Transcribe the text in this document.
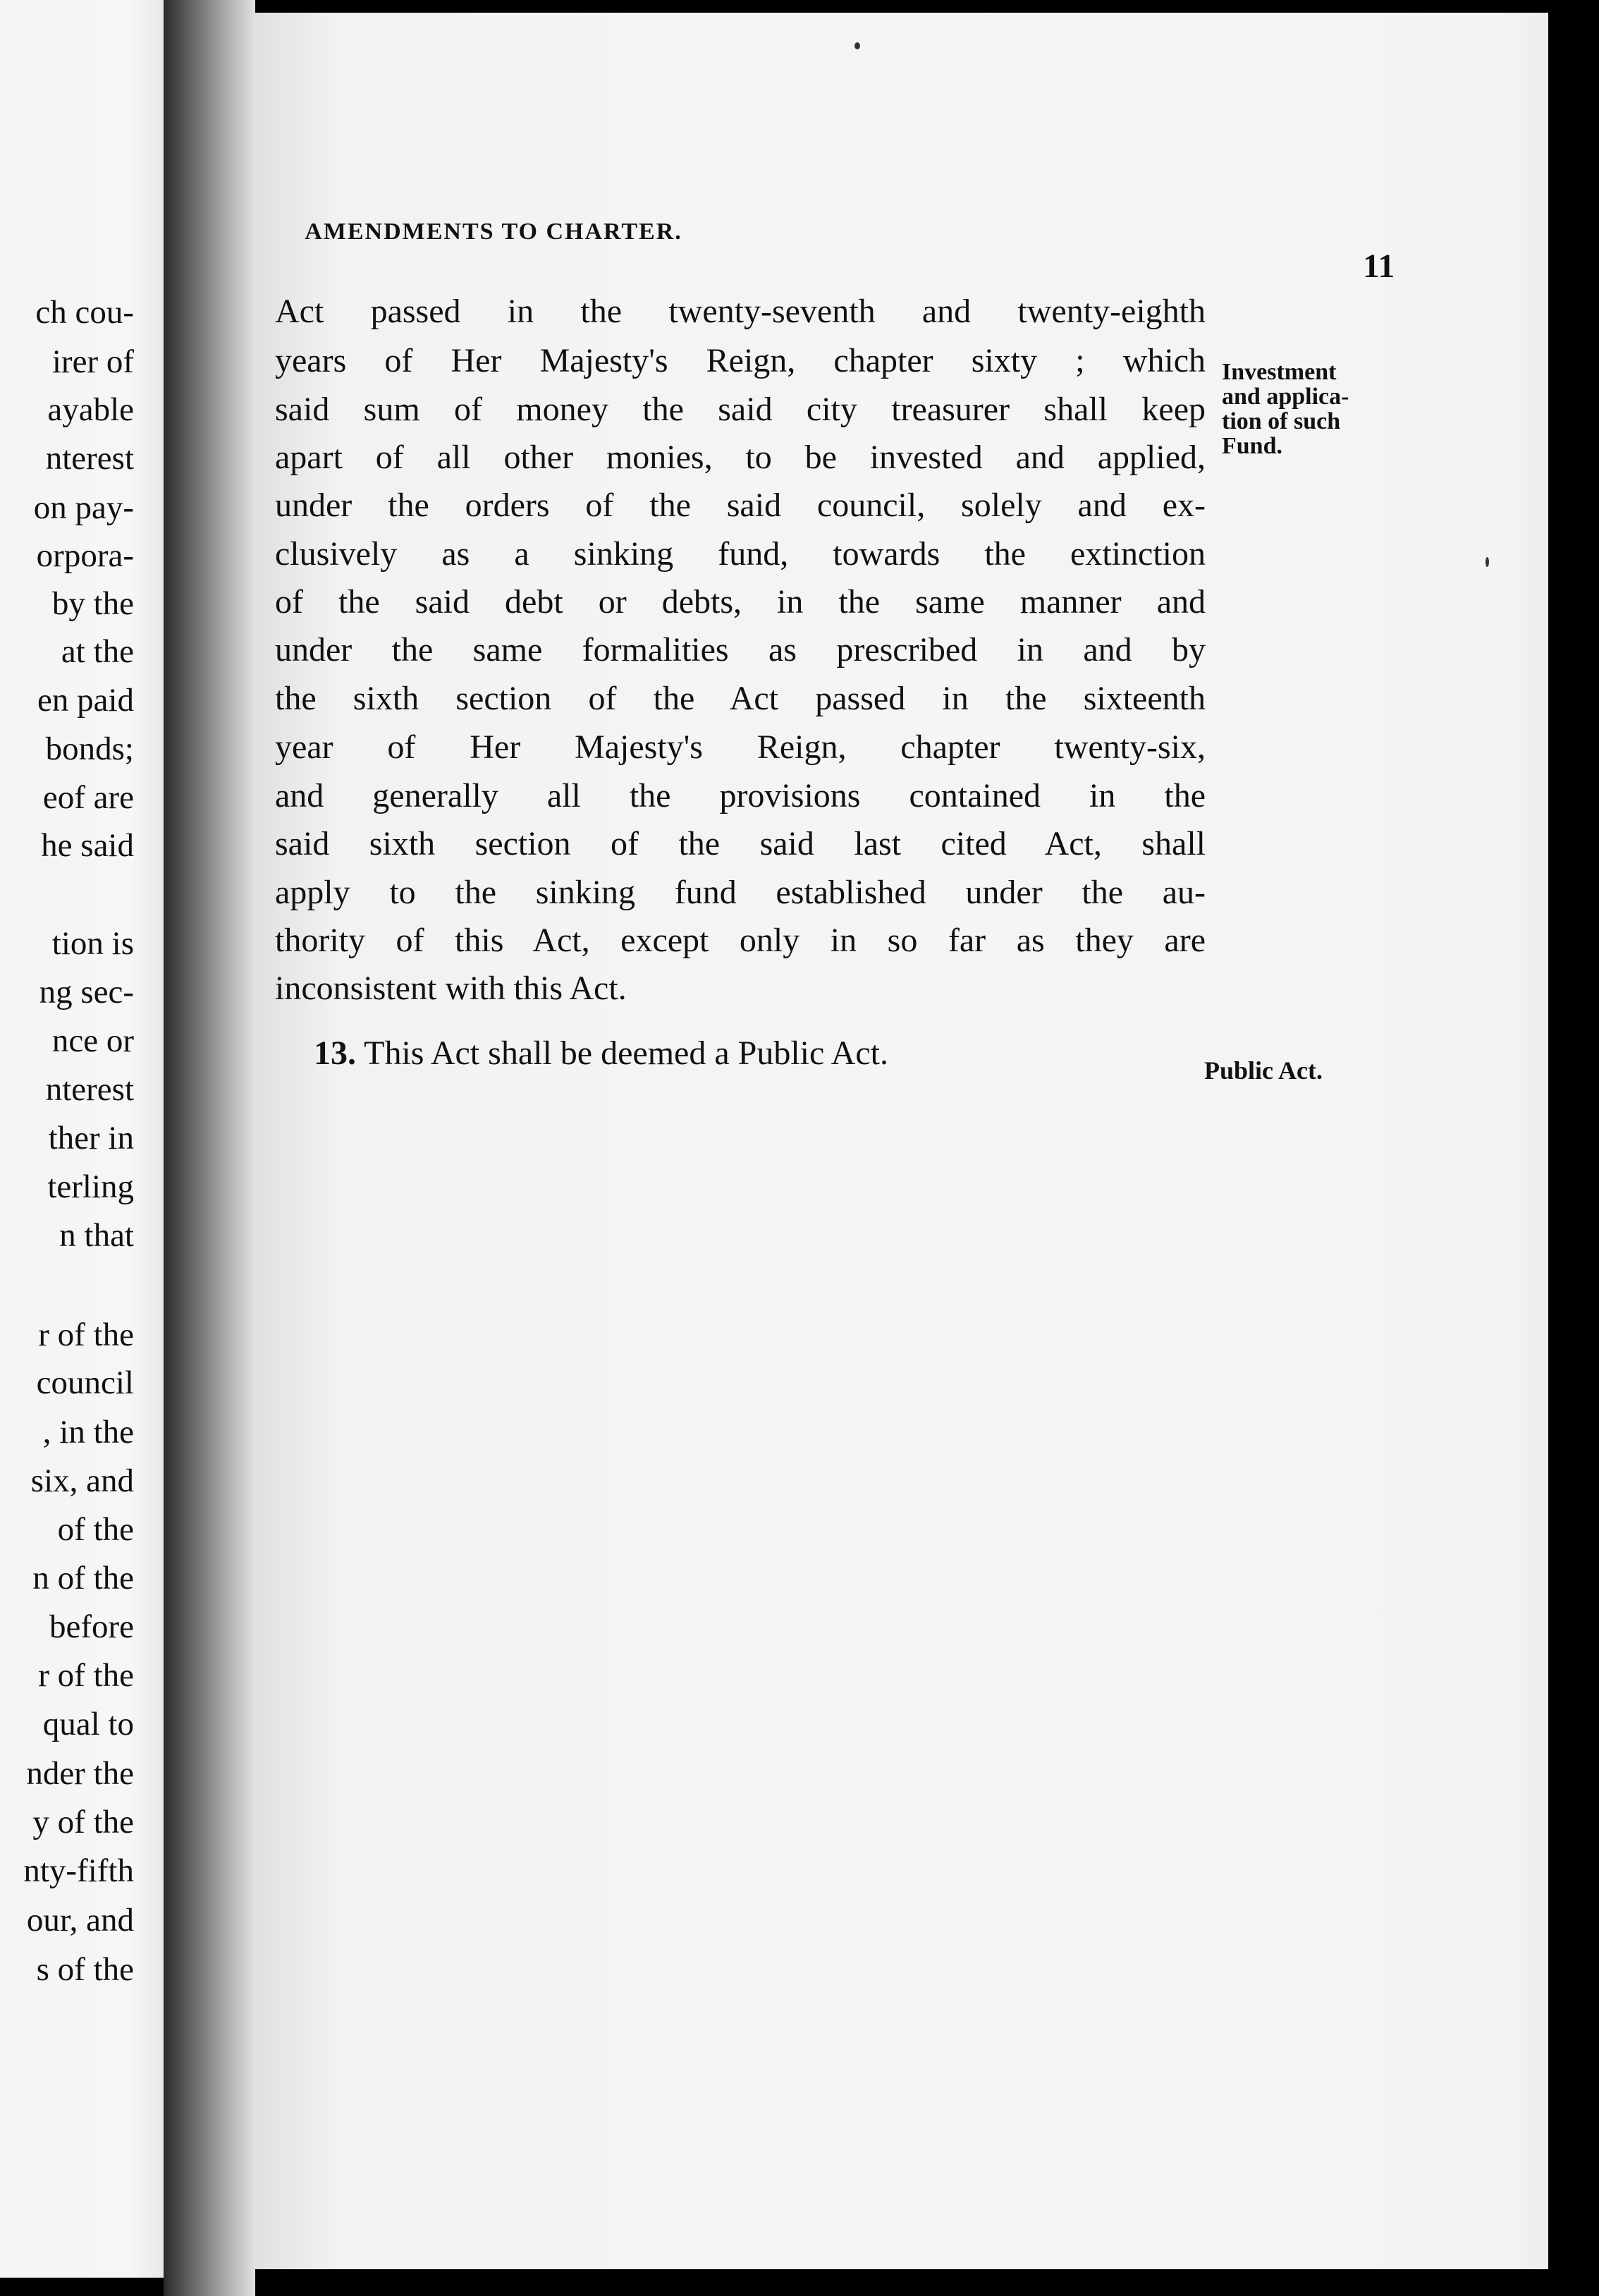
ch cou-
irer of
ayable
nterest
on pay-
orpora-
by the
at the
en paid
bonds;
eof are
he said
tion is
ng sec-
nce or
nterest
ther in
terling
n that
r of the
council
, in the
six, and
of the
n of the
before
r of the
qual to
nder the
y of the
nty-fifth
our, and
s of the
AMENDMENTS TO CHARTER.
11
Act passed in the twenty-seventh and twenty-eighth
years of Her Majesty's Reign, chapter sixty ; which
said sum of money the said city treasurer shall keep
apart of all other monies, to be invested and applied,
under the orders of the said council, solely and ex-
clusively as a sinking fund, towards the extinction
of the said debt or debts, in the same manner and
under the same formalities as prescribed in and by
the sixth section of the Act passed in the sixteenth
year of Her Majesty's Reign, chapter twenty-six,
and generally all the provisions contained in the
said sixth section of the said last cited Act, shall
apply to the sinking fund established under the au-
thority of this Act, except only in so far as they are
inconsistent with this Act.
13. This Act shall be deemed a Public Act.
Investment
and applica-
tion of such
Fund.
Public Act.
